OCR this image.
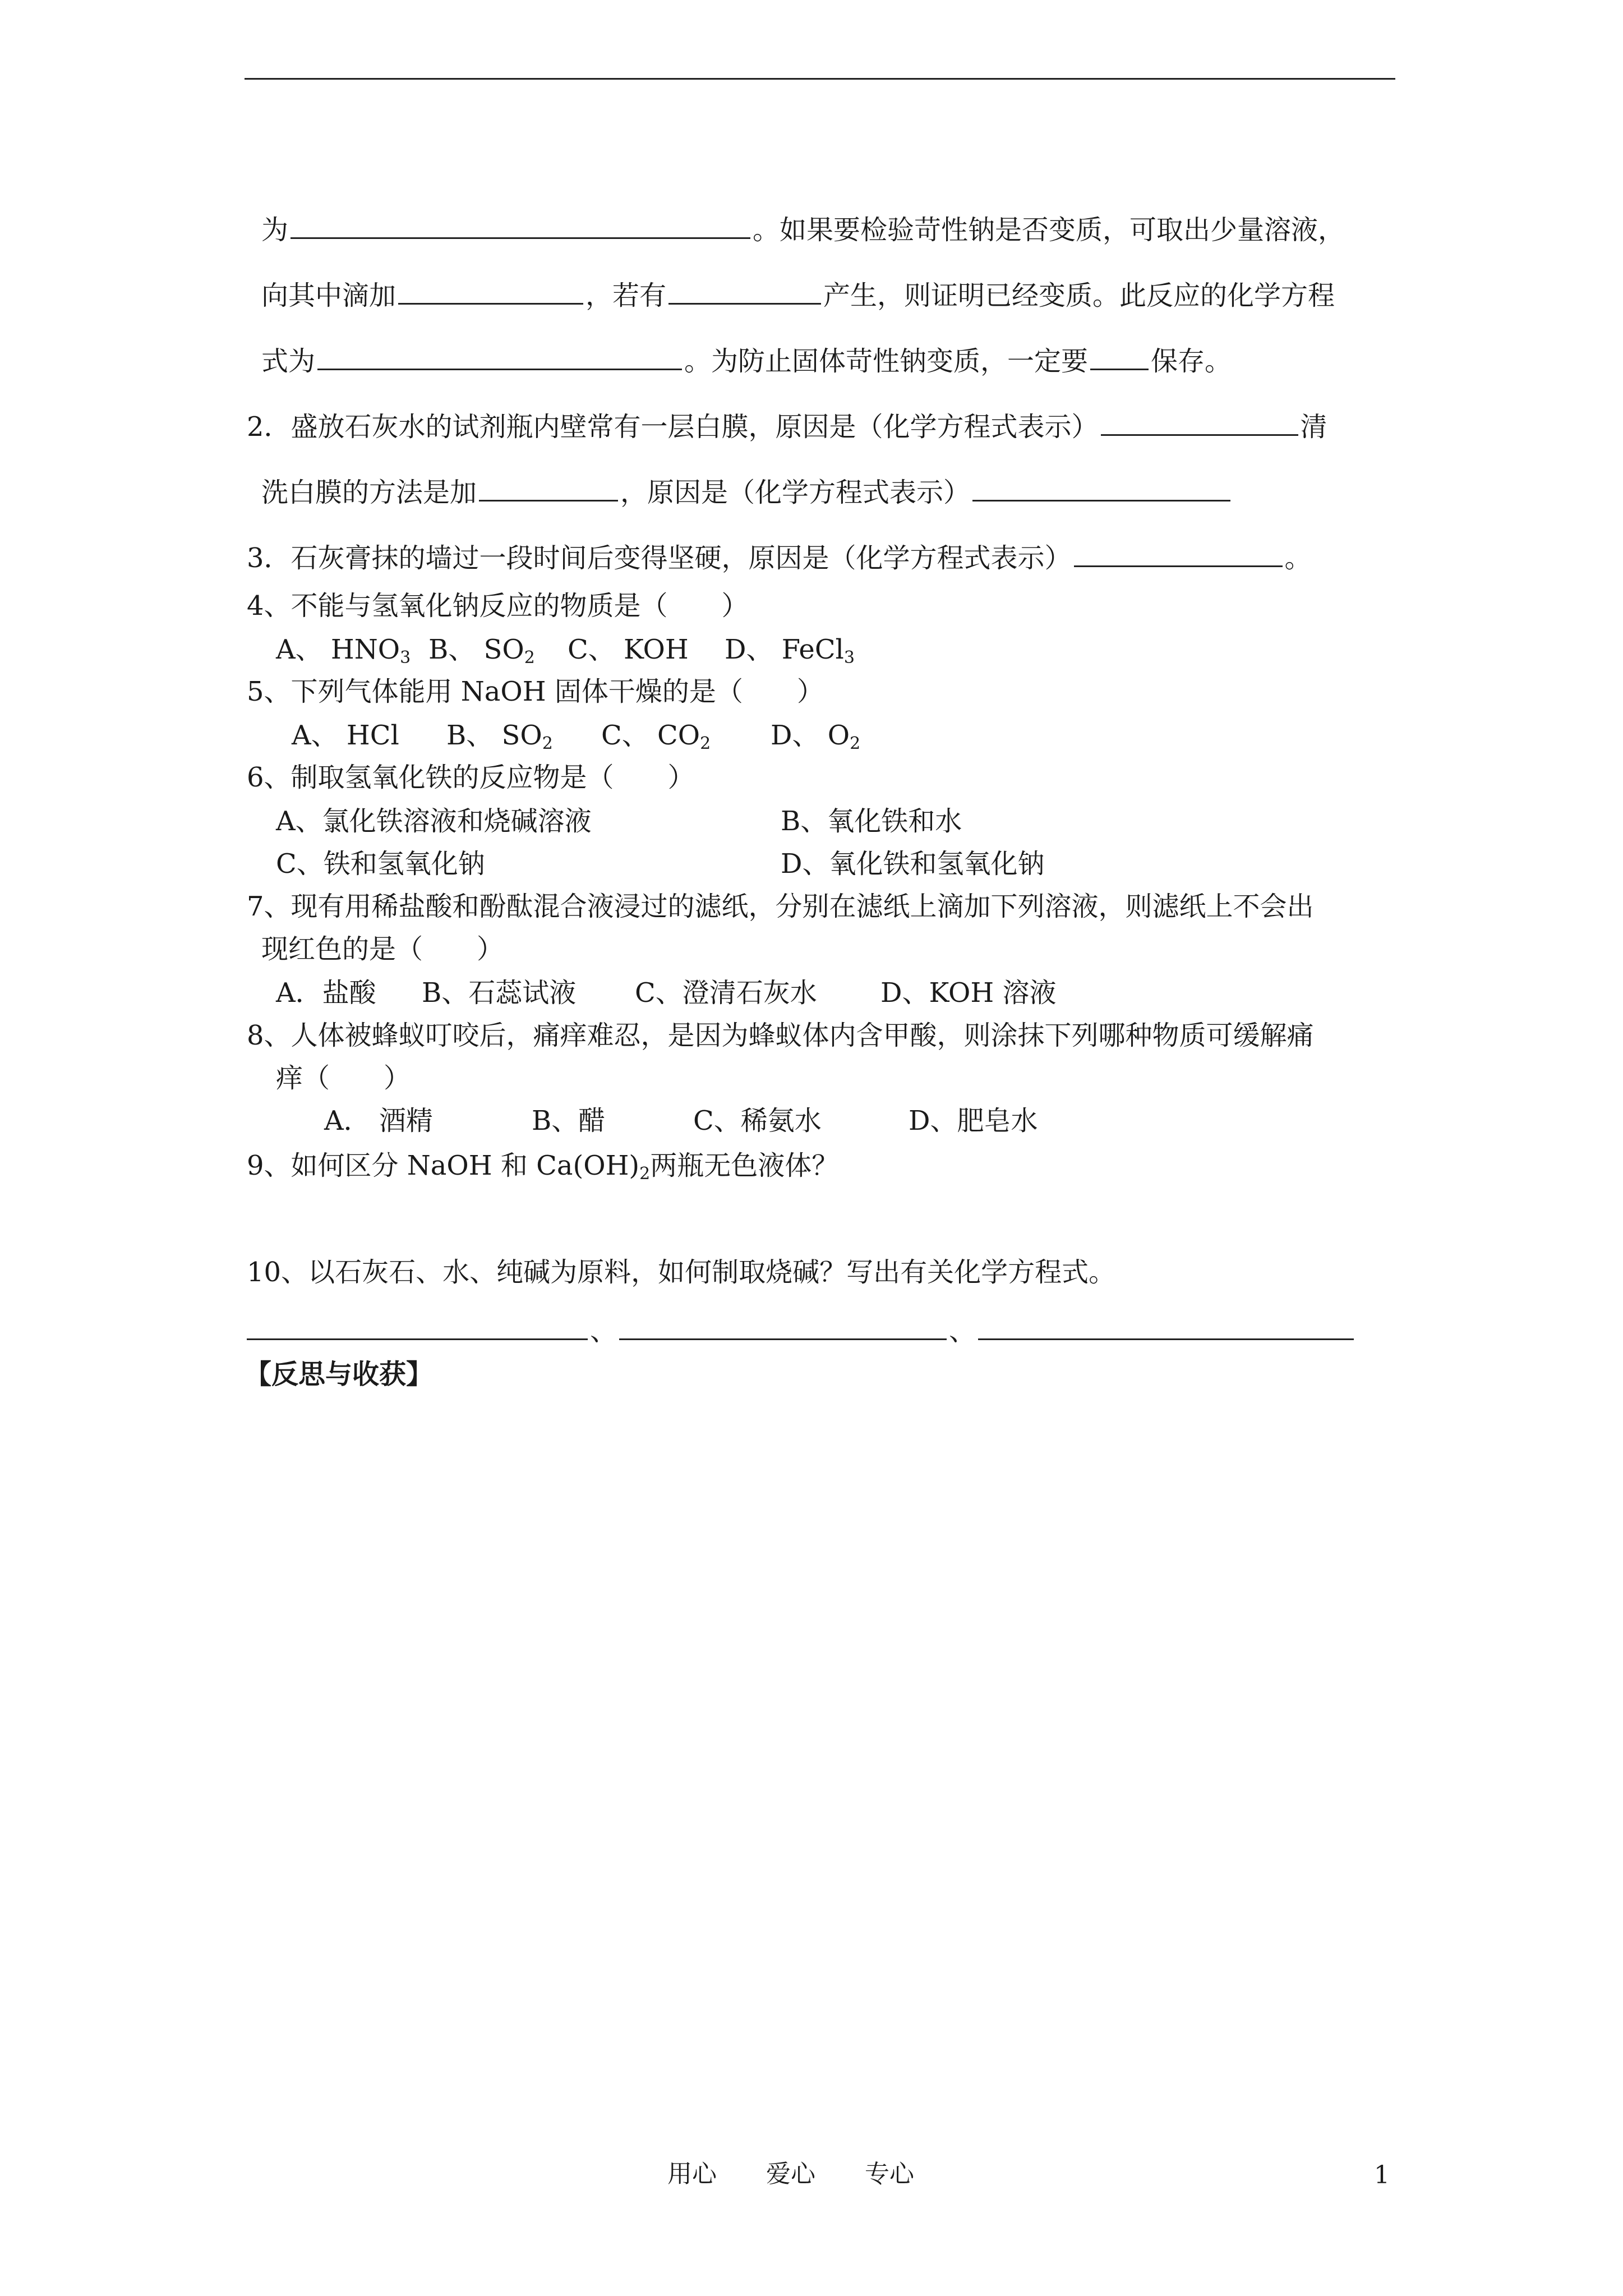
为	。如果要检验苛性钠是否变质，可取出少量溶液，
向其中滴加	，若有	产生，则证明已经变质。此反应的化学方程
式为	。为防止固体苛性钠变质，一定要 保存。
2．盛放石灰水的试剂瓶内壁常有一层白膜，原因是（化学方程式表示）	清
洗白膜的方法是加	，原因是（化学方程式表示）
3．石灰膏抹的墙过一段时间后变得坚硬，原因是（化学方程式表示）	。
4、不能与氢氧化钠反应的物质是（　　）
A、 $HNO_3$ B、 $SO_2$ C、 KOH D、 FeCl$_3$
5、下列气体能用 NaOH 固体干燥的是（　　）
A、 HCl B、 $SO_2$ C、 $CO_2$ D、 $O_2$
6、制取氢氧化铁的反应物是（　　）
A、氯化铁溶液和烧碱溶液	B、氧化铁和水
C、铁和氢氧化钠	D、氧化铁和氢氧化钠
7、现有用稀盐酸和酚酞混合液浸过的滤纸，分别在滤纸上滴加下列溶液，则滤纸上不会出
现红色的是（　　）
A．盐酸 B、石蕊试液 C、澄清石灰水 D、KOH 溶液
8、人体被蜂蚁叮咬后，痛痒难忍，是因为蜂蚁体内含甲酸，则涂抹下列哪种物质可缓解痛
痒（　　）
A． 酒精	B、醋	C、稀氨水	D、肥皂水
9、如何区分 NaOH 和 $Ca(OH)_2$两瓶无色液体？
10、以石灰石、水、纯碱为原料，如何制取烧碱？写出有关化学方程式。
、	、
【反思与收获】
用心　　爱心　　专心	1
